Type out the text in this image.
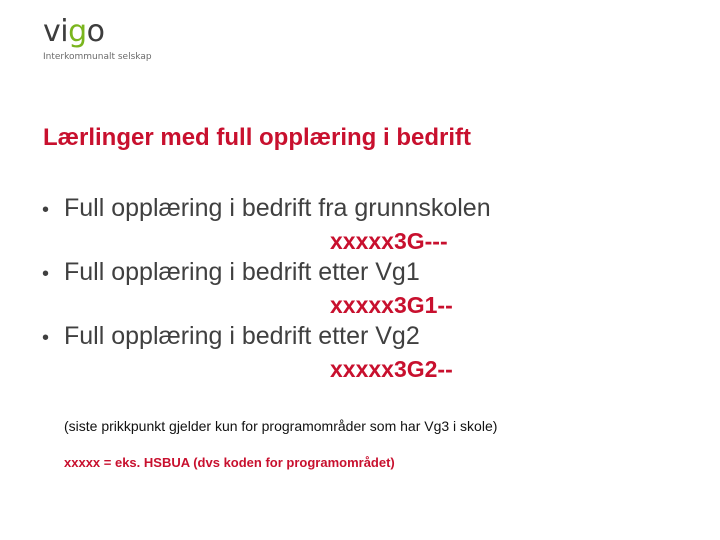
vigo
Interkommunalt selskap
Lærlinger med full opplæring i bedrift
• Full opplæring i bedrift fra grunnskolen
xxxxx3G---
• Full opplæring i bedrift etter Vg1
xxxxx3G1--
• Full opplæring i bedrift etter Vg2
xxxxx3G2--
(siste prikkpunkt gjelder kun for programområder som har Vg3 i skole)
xxxxx = eks. HSBUA (dvs koden for programområdet)
